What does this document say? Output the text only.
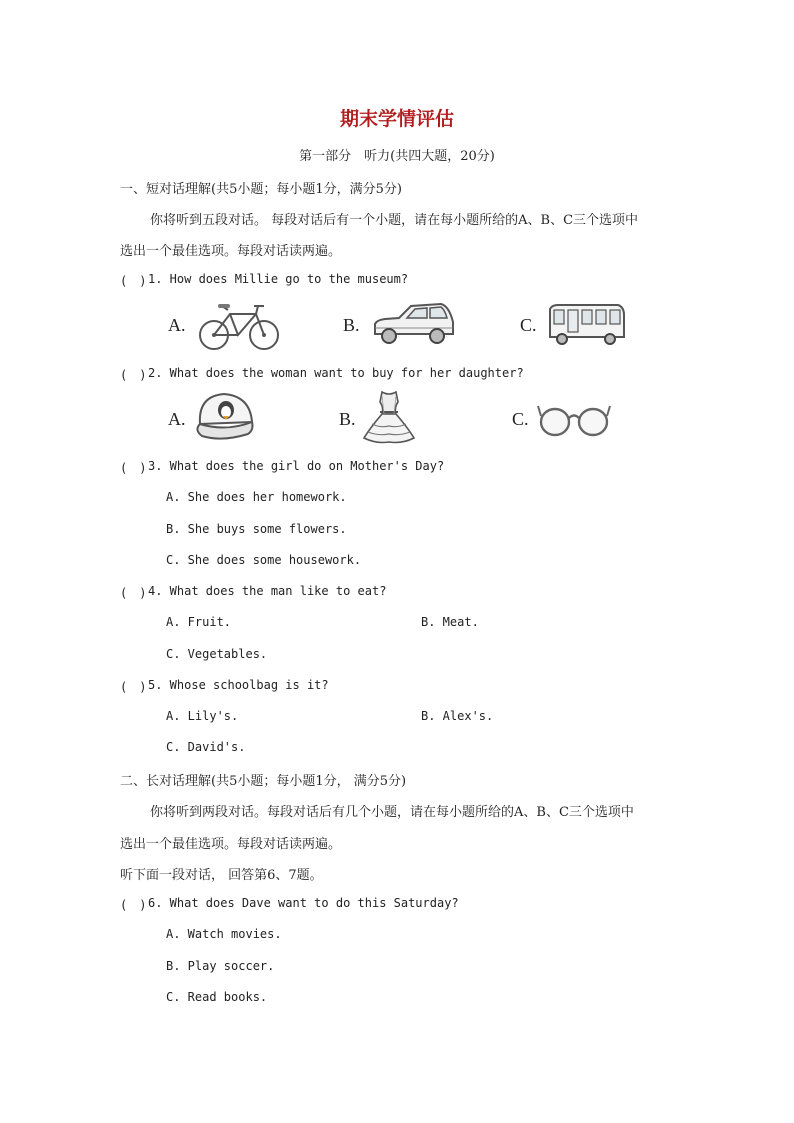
期末学情评估
第一部分　听力(共四大题，20分)
一、短对话理解(共5小题；每小题1分，满分5分)
你将听到五段对话。 每段对话后有一个小题，请在每小题所给的A、B、C三个选项中
选出一个最佳选项。每段对话读两遍。
(　) 1. How does Millie go to the museum?
A.	B.	C.
(　) 2. What does the woman want to buy for her daughter?
A.	B.	C.
(　) 3. What does the girl do on Mother's Day?
A. She does her homework.
B. She buys some flowers.
C. She does some housework.
(　) 4. What does the man like to eat?
A. Fruit.	B. Meat.
C. Vegetables.
(　) 5. Whose schoolbag is it?
A. Lily's.	B. Alex's.
C. David's.
二、长对话理解(共5小题；每小题1分， 满分5分)
你将听到两段对话。每段对话后有几个小题，请在每小题所给的A、B、C三个选项中
选出一个最佳选项。每段对话读两遍。
听下面一段对话， 回答第6、7题。
(　) 6. What does Dave want to do this Saturday?
A. Watch movies.
B. Play soccer.
C. Read books.
